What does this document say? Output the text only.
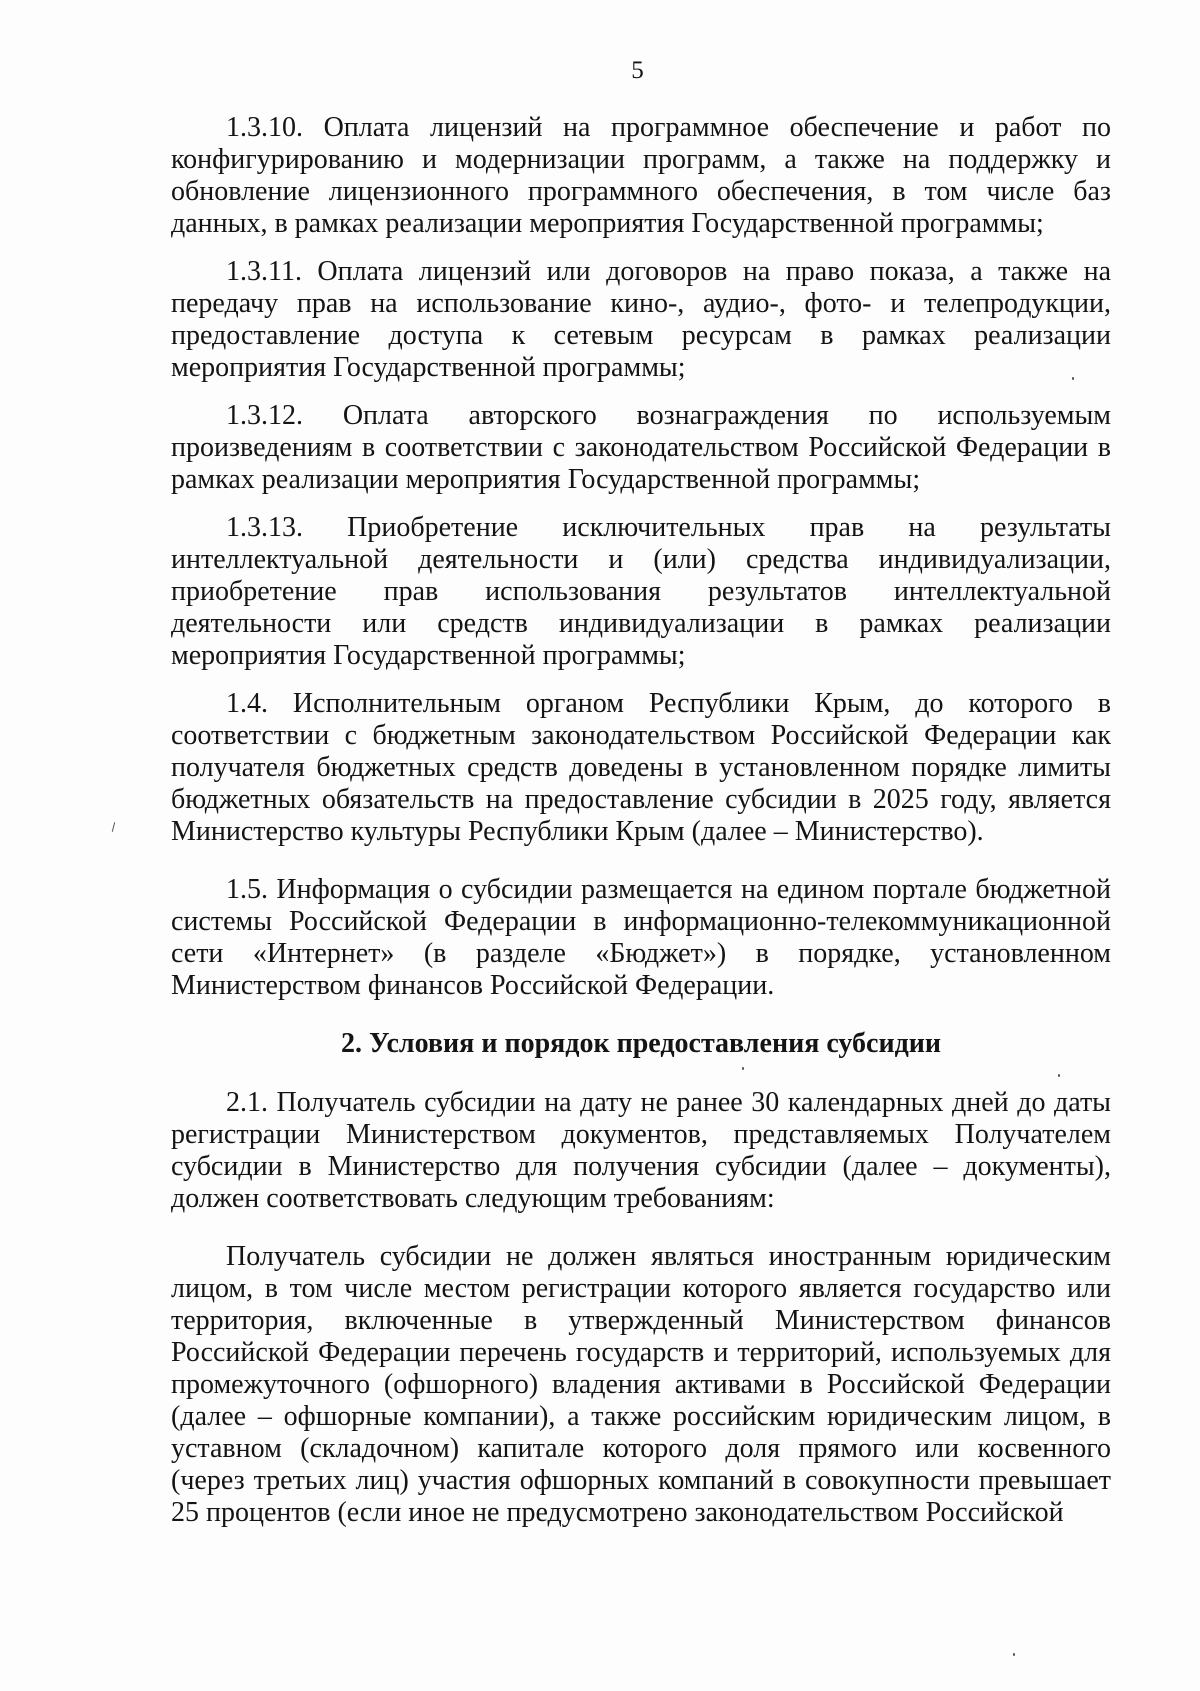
5

1.3.10. Оплата лицензий на программное обеспечение и работ по конфигурированию и модернизации программ, а также на поддержку и обновление лицензионного программного обеспечения, в том числе баз данных, в рамках реализации мероприятия Государственной программы;

1.3.11. Оплата лицензий или договоров на право показа, а также на передачу прав на использование кино-, аудио-, фото- и телепродукции, предоставление доступа к сетевым ресурсам в рамках реализации мероприятия Государственной программы;

1.3.12. Оплата авторского вознаграждения по используемым произведениям в соответствии с законодательством Российской Федерации в рамках реализации мероприятия Государственной программы;

1.3.13. Приобретение исключительных прав на результаты интеллектуальной деятельности и (или) средства индивидуализации, приобретение прав использования результатов интеллектуальной деятельности или средств индивидуализации в рамках реализации мероприятия Государственной программы;

1.4. Исполнительным органом Республики Крым, до которого в соответствии с бюджетным законодательством Российской Федерации как получателя бюджетных средств доведены в установленном порядке лимиты бюджетных обязательств на предоставление субсидии в 2025 году, является Министерство культуры Республики Крым (далее – Министерство).

1.5. Информация о субсидии размещается на едином портале бюджетной системы Российской Федерации в информационно-телекоммуникационной сети «Интернет» (в разделе «Бюджет») в порядке, установленном Министерством финансов Российской Федерации.

2. Условия и порядок предоставления субсидии

2.1. Получатель субсидии на дату не ранее 30 календарных дней до даты регистрации Министерством документов, представляемых Получателем субсидии в Министерство для получения субсидии (далее – документы), должен соответствовать следующим требованиям:

Получатель субсидии не должен являться иностранным юридическим лицом, в том числе местом регистрации которого является государство или территория, включенные в утвержденный Министерством финансов Российской Федерации перечень государств и территорий, используемых для промежуточного (офшорного) владения активами в Российской Федерации (далее – офшорные компании), а также российским юридическим лицом, в уставном (складочном) капитале которого доля прямого или косвенного (через третьих лиц) участия офшорных компаний в совокупности превышает 25 процентов (если иное не предусмотрено законодательством Российской
